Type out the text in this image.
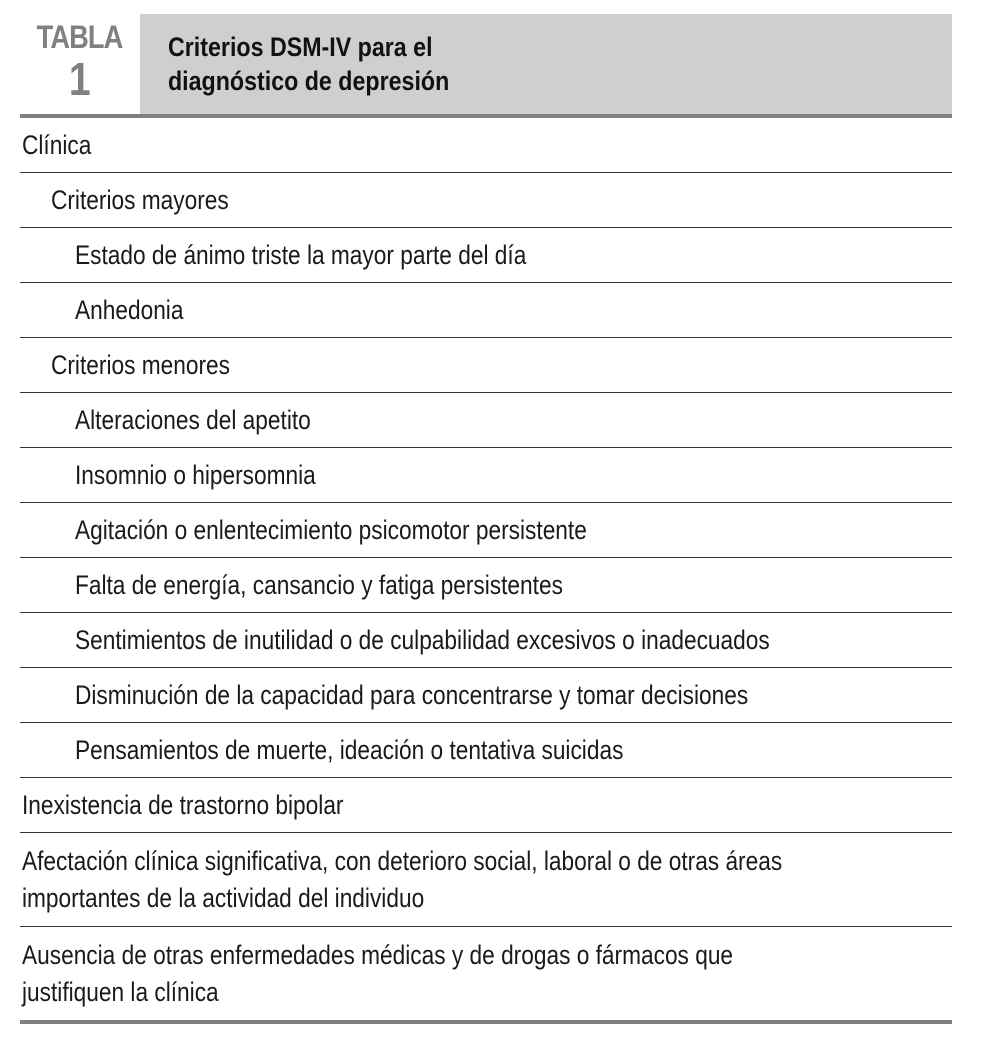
TABLA
1
Criterios DSM-IV para el
diagnóstico de depresión
Clínica
Criterios mayores
Estado de ánimo triste la mayor parte del día
Anhedonia
Criterios menores
Alteraciones del apetito
Insomnio o hipersomnia
Agitación o enlentecimiento psicomotor persistente
Falta de energía, cansancio y fatiga persistentes
Sentimientos de inutilidad o de culpabilidad excesivos o inadecuados
Disminución de la capacidad para concentrarse y tomar decisiones
Pensamientos de muerte, ideación o tentativa suicidas
Inexistencia de trastorno bipolar
Afectación clínica significativa, con deterioro social, laboral o de otras áreas
importantes de la actividad del individuo
Ausencia de otras enfermedades médicas y de drogas o fármacos que
justifiquen la clínica
